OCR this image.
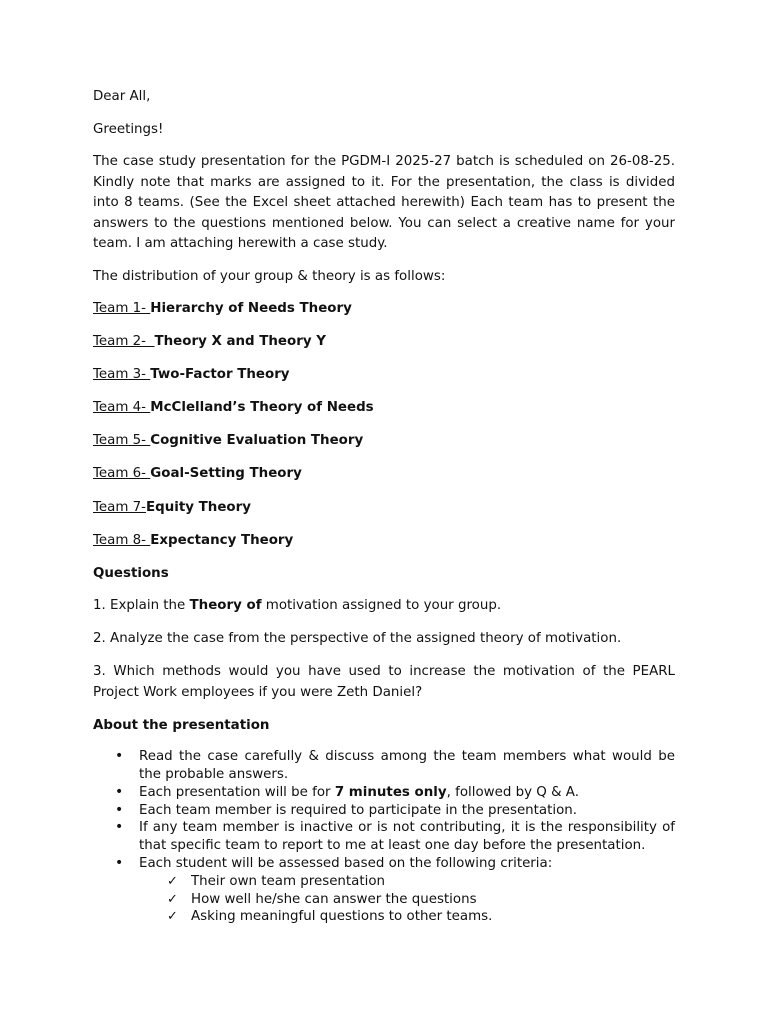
Dear All,

Greetings!

The case study presentation for the PGDM-I 2025-27 batch is scheduled on 26-08-25. Kindly note that marks are assigned to it. For the presentation, the class is divided into 8 teams. (See the Excel sheet attached herewith) Each team has to present the answers to the questions mentioned below. You can select a creative name for your team. I am attaching herewith a case study.

The distribution of your group & theory is as follows:

Team 1- Hierarchy of Needs Theory
Team 2-  Theory X and Theory Y
Team 3- Two-Factor Theory
Team 4- McClelland’s Theory of Needs
Team 5- Cognitive Evaluation Theory
Team 6- Goal-Setting Theory
Team 7-Equity Theory
Team 8- Expectancy Theory

Questions

1. Explain the Theory of motivation assigned to your group.

2. Analyze the case from the perspective of the assigned theory of motivation.

3. Which methods would you have used to increase the motivation of the PEARL Project Work employees if you were Zeth Daniel?

About the presentation

• Read the case carefully & discuss among the team members what would be the probable answers.
• Each presentation will be for 7 minutes only, followed by Q & A.
• Each team member is required to participate in the presentation.
• If any team member is inactive or is not contributing, it is the responsibility of that specific team to report to me at least one day before the presentation.
• Each student will be assessed based on the following criteria:
✓ Their own team presentation
✓ How well he/she can answer the questions
✓ Asking meaningful questions to other teams.
